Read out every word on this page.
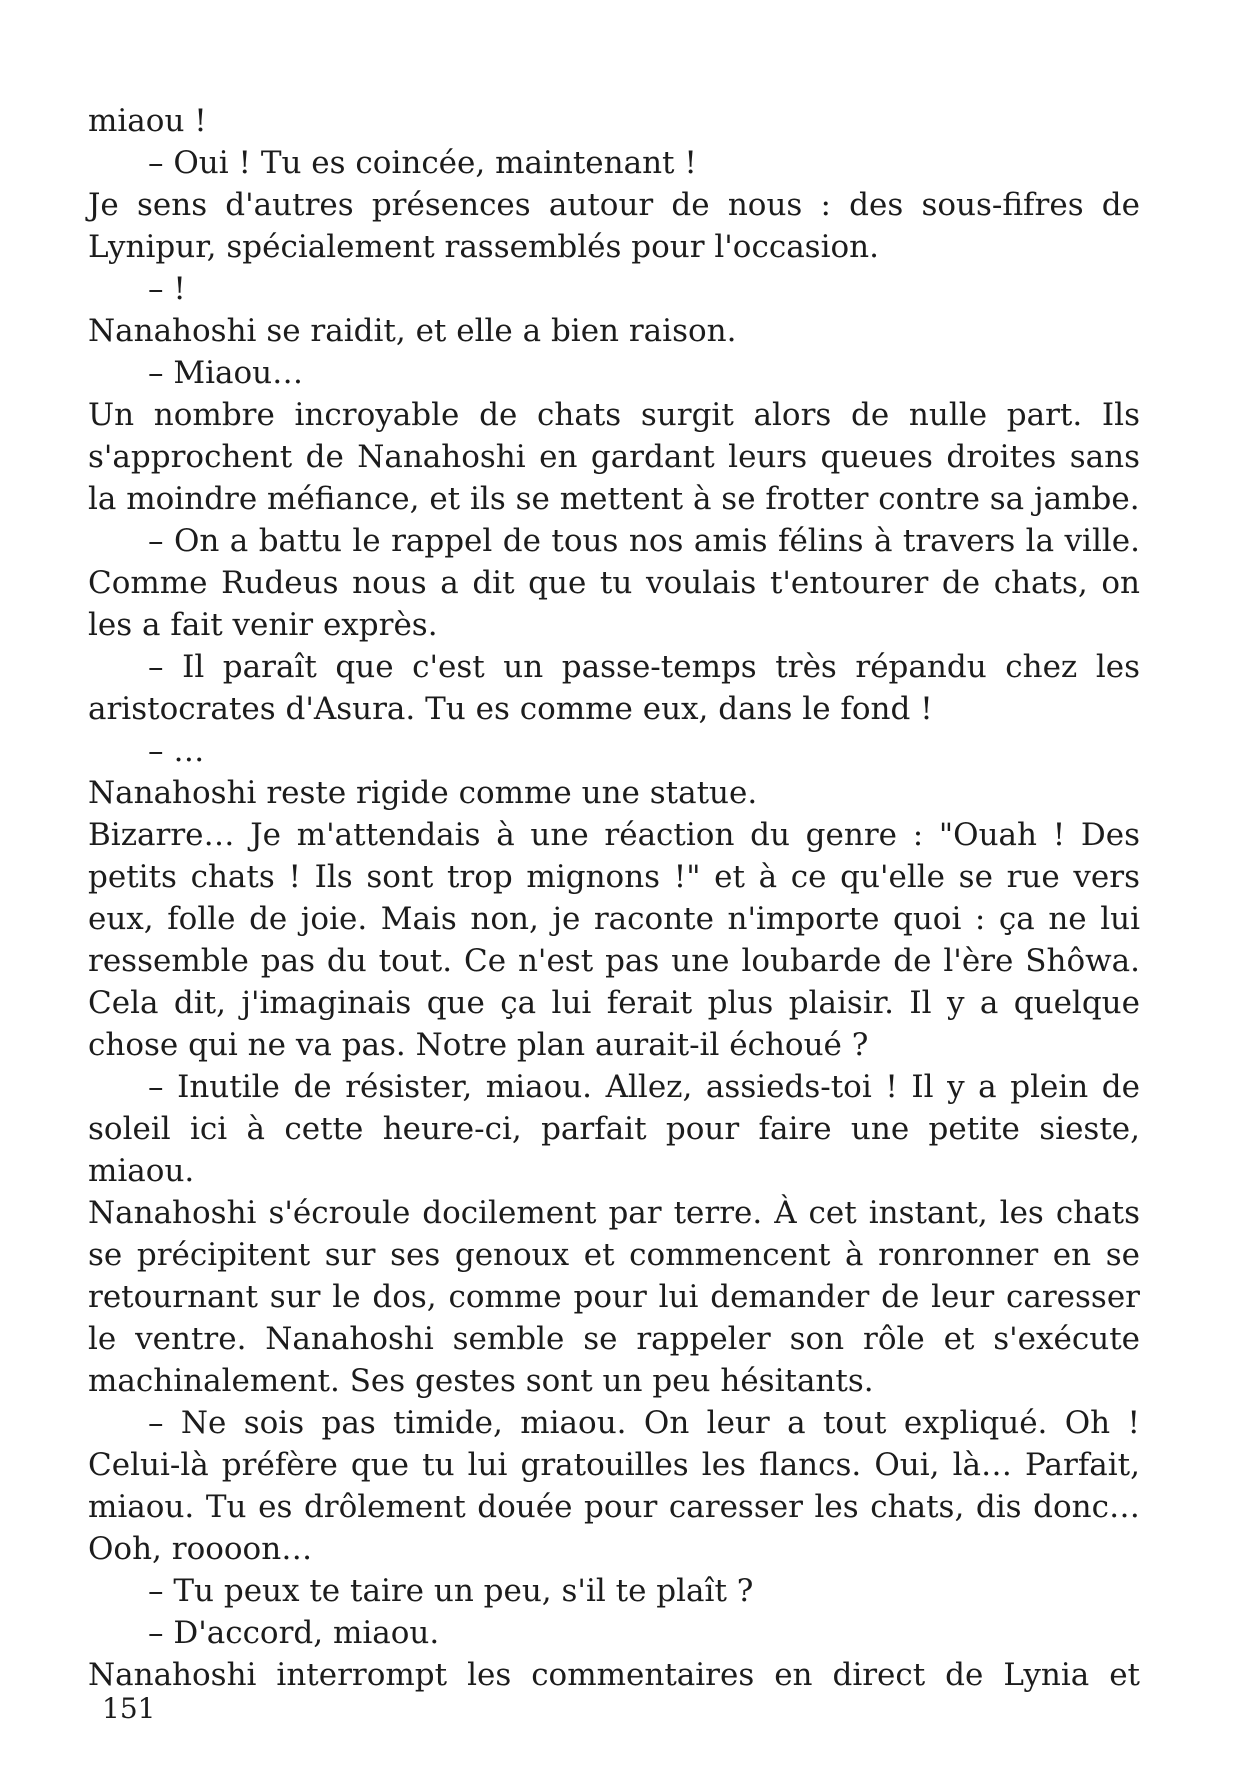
miaou !

– Oui ! Tu es coincée, maintenant !

Je sens d'autres présences autour de nous : des sous-fifres de Lynipur, spécialement rassemblés pour l'occasion.

– !

Nanahoshi se raidit, et elle a bien raison.

– Miaou…

Un nombre incroyable de chats surgit alors de nulle part. Ils s'approchent de Nanahoshi en gardant leurs queues droites sans la moindre méfiance, et ils se mettent à se frotter contre sa jambe.

– On a battu le rappel de tous nos amis félins à travers la ville. Comme Rudeus nous a dit que tu voulais t'entourer de chats, on les a fait venir exprès.

– Il paraît que c'est un passe-temps très répandu chez les aristocrates d'Asura. Tu es comme eux, dans le fond !

– …

Nanahoshi reste rigide comme une statue.

Bizarre… Je m'attendais à une réaction du genre : "Ouah ! Des petits chats ! Ils sont trop mignons !" et à ce qu'elle se rue vers eux, folle de joie. Mais non, je raconte n'importe quoi : ça ne lui ressemble pas du tout. Ce n'est pas une loubarde de l'ère Shôwa. Cela dit, j'imaginais que ça lui ferait plus plaisir. Il y a quelque chose qui ne va pas. Notre plan aurait-il échoué ?

– Inutile de résister, miaou. Allez, assieds-toi ! Il y a plein de soleil ici à cette heure-ci, parfait pour faire une petite sieste, miaou.

Nanahoshi s'écroule docilement par terre. À cet instant, les chats se précipitent sur ses genoux et commencent à ronronner en se retournant sur le dos, comme pour lui demander de leur caresser le ventre. Nanahoshi semble se rappeler son rôle et s'exécute machinalement. Ses gestes sont un peu hésitants.

– Ne sois pas timide, miaou. On leur a tout expliqué. Oh ! Celui-là préfère que tu lui gratouilles les flancs. Oui, là… Parfait, miaou. Tu es drôlement douée pour caresser les chats, dis donc… Ooh, roooon…

– Tu peux te taire un peu, s'il te plaît ?

– D'accord, miaou.

Nanahoshi interrompt les commentaires en direct de Lynia et

151
